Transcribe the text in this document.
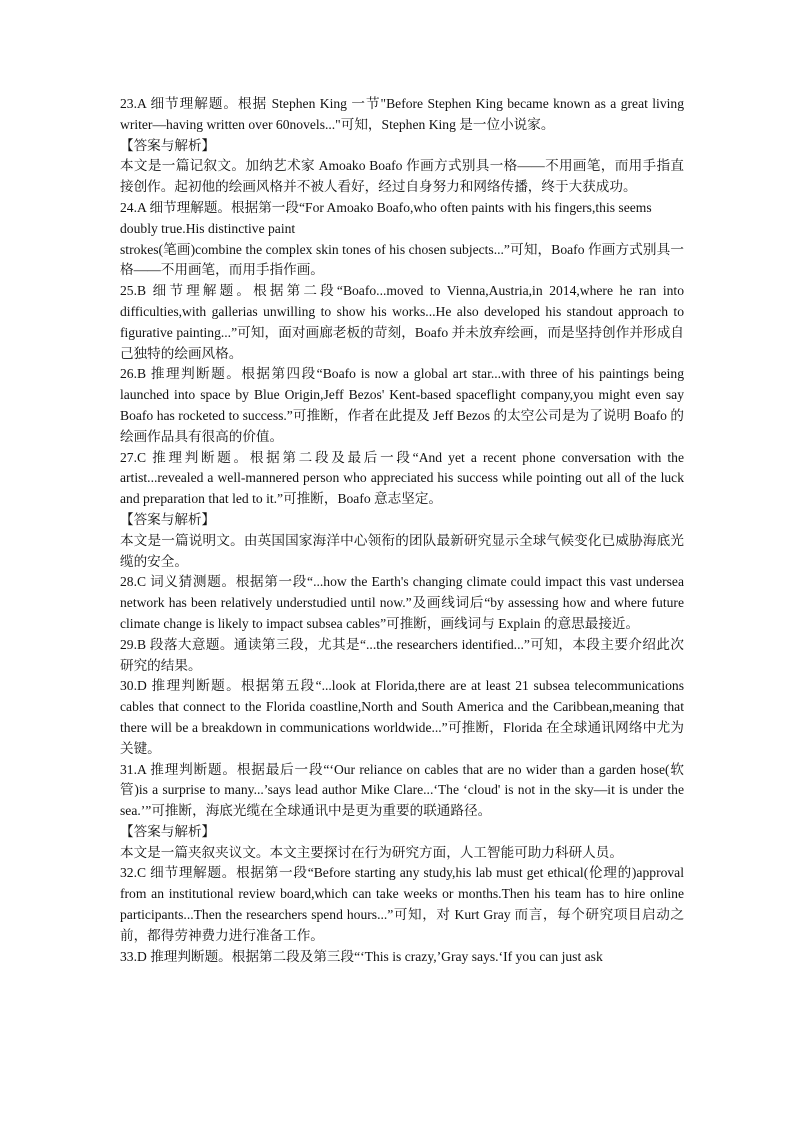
23.A 细节理解题。根据 Stephen King 一节"Before Stephen King became known as a great living writer—having written over 60novels..."可知，Stephen King 是一位小说家。

【答案与解析】

本文是一篇记叙文。加纳艺术家 Amoako Boafo 作画方式别具一格——不用画笔，而用手指直接创作。起初他的绘画风格并不被人看好，经过自身努力和网络传播，终于大获成功。

24.A 细节理解题。根据第一段“For Amoako Boafo,who often paints with his fingers,this seems doubly true.His distinctive paint

strokes(笔画)combine the complex skin tones of his chosen subjects...”可知，Boafo 作画方式别具一格——不用画笔，而用手指作画。

25.B 细节理解题。根据第二段“Boafo...moved to Vienna,Austria,in 2014,where he ran into difficulties,with gallerias unwilling to show his works...He also developed his standout approach to figurative painting...”可知，面对画廊老板的苛刻，Boafo 并未放弃绘画，而是坚持创作并形成自己独特的绘画风格。

26.B 推理判断题。根据第四段“Boafo is now a global art star...with three of his paintings being launched into space by Blue Origin,Jeff Bezos' Kent-based spaceflight company,you might even say Boafo has rocketed to success.”可推断，作者在此提及 Jeff Bezos 的太空公司是为了说明 Boafo 的绘画作品具有很高的价值。

27.C 推理判断题。根据第二段及最后一段“And yet a recent phone conversation with the artist...revealed a well-mannered person who appreciated his success while pointing out all of the luck and preparation that led to it.”可推断，Boafo 意志坚定。

【答案与解析】

本文是一篇说明文。由英国国家海洋中心领衔的团队最新研究显示全球气候变化已威胁海底光缆的安全。

28.C 词义猜测题。根据第一段“...how the Earth's changing climate could impact this vast undersea network has been relatively understudied until now.”及画线词后“by assessing how and where future climate change is likely to impact subsea cables”可推断，画线词与 Explain 的意思最接近。

29.B 段落大意题。通读第三段，尤其是“...the researchers identified...”可知，本段主要介绍此次研究的结果。

30.D 推理判断题。根据第五段“...look at Florida,there are at least 21 subsea telecommunications cables that connect to the Florida coastline,North and South America and the Caribbean,meaning that there will be a breakdown in communications worldwide...”可推断，Florida 在全球通讯网络中尤为关键。

31.A 推理判断题。根据最后一段“‘Our reliance on cables that are no wider than a garden hose(软管)is a surprise to many...’says lead author Mike Clare...‘The ‘cloud' is not in the sky—it is under the sea.’”可推断，海底光缆在全球通讯中是更为重要的联通路径。

【答案与解析】

本文是一篇夹叙夹议文。本文主要探讨在行为研究方面，人工智能可助力科研人员。

32.C 细节理解题。根据第一段“Before starting any study,his lab must get ethical(伦理的)approval from an institutional review board,which can take weeks or months.Then his team has to hire online participants...Then the researchers spend hours...”可知，对 Kurt Gray 而言，每个研究项目启动之前，都得劳神费力进行准备工作。

33.D 推理判断题。根据第二段及第三段“‘This is crazy,’Gray says.‘If you can just ask
